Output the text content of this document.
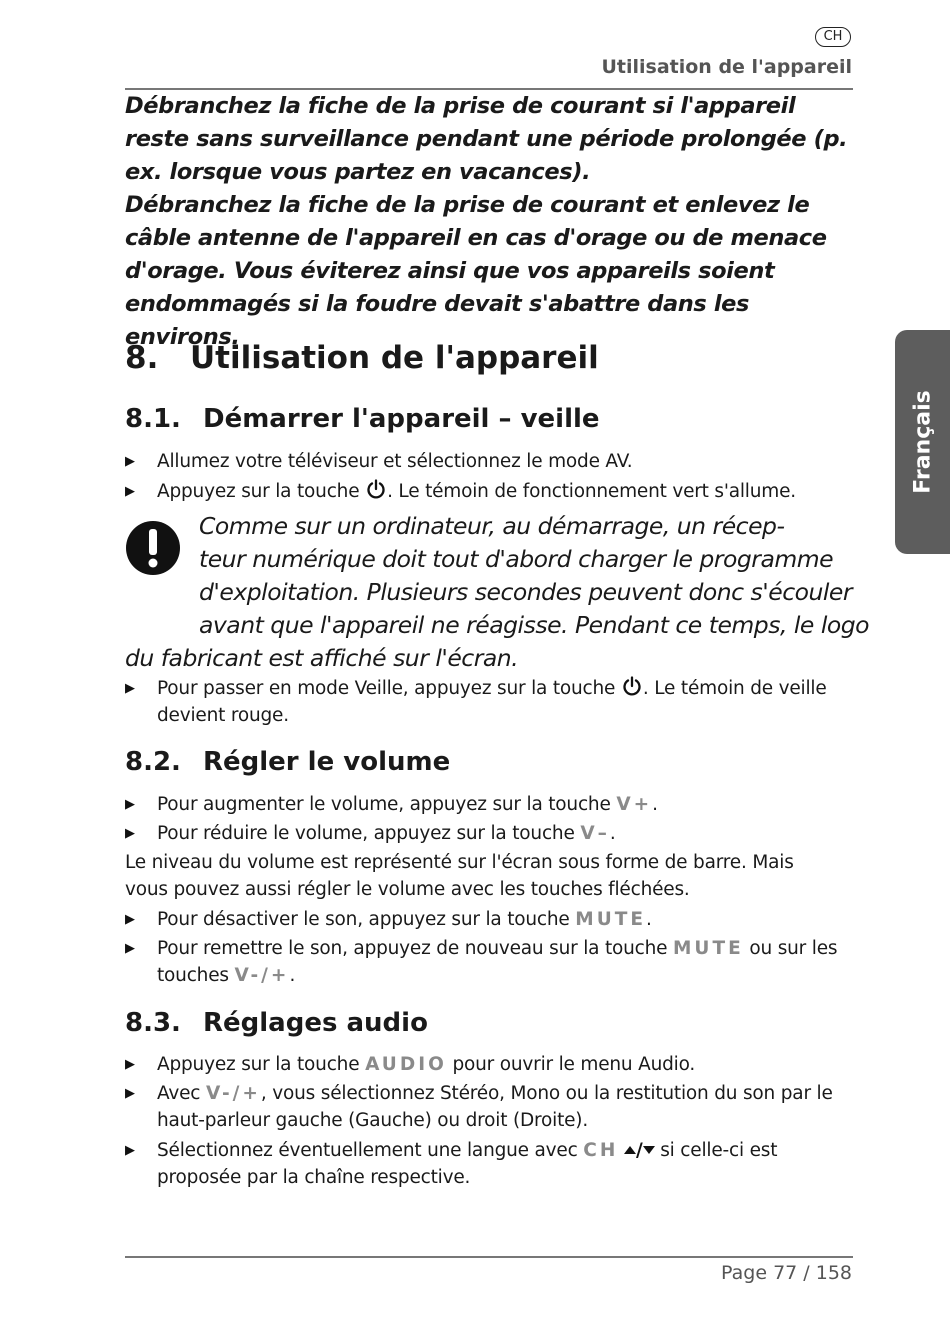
CH
Utilisation de l'appareil

Débranchez la fiche de la prise de courant si l'appareil reste sans surveillance pendant une période prolongée (p. ex. lorsque vous partez en vacances).

Débranchez la fiche de la prise de courant et enlevez le câble antenne de l'appareil en cas d'orage ou de menace d'orage. Vous éviterez ainsi que vos appareils soient endommagés si la foudre devait s'abattre dans les environs.

Français
8. Utilisation de l'appareil
8.1. Démarrer l'appareil – veille
▶ Allumez votre téléviseur et sélectionnez le mode AV.
▶ Appuyez sur la touche . Le témoin de fonctionnement vert s'allume.
Comme sur un ordinateur, au démarrage, un récep-
teur numérique doit tout d'abord charger le programme
d'exploitation. Plusieurs secondes peuvent donc s'écouler
avant que l'appareil ne réagisse. Pendant ce temps, le logo
du fabricant est affiché sur l'écran.
▶ Pour passer en mode Veille, appuyez sur la touche . Le témoin de veille devient rouge.
8.2. Régler le volume
▶ Pour augmenter le volume, appuyez sur la touche V+.
▶ Pour réduire le volume, appuyez sur la touche V–.
Le niveau du volume est représenté sur l'écran sous forme de barre. Mais vous pouvez aussi régler le volume avec les touches fléchées.
▶ Pour désactiver le son, appuyez sur la touche MUTE.
▶ Pour remettre le son, appuyez de nouveau sur la touche MUTE ou sur les touches V-/+.
8.3. Réglages audio
▶ Appuyez sur la touche AUDIO pour ouvrir le menu Audio.
▶ Avec V-/+, vous sélectionnez Stéréo, Mono ou la restitution du son par le haut-parleur gauche (Gauche) ou droit (Droite).
▶ Sélectionnez éventuellement une langue avec CH / si celle-ci est proposée par la chaîne respective.
Page 77 / 158
